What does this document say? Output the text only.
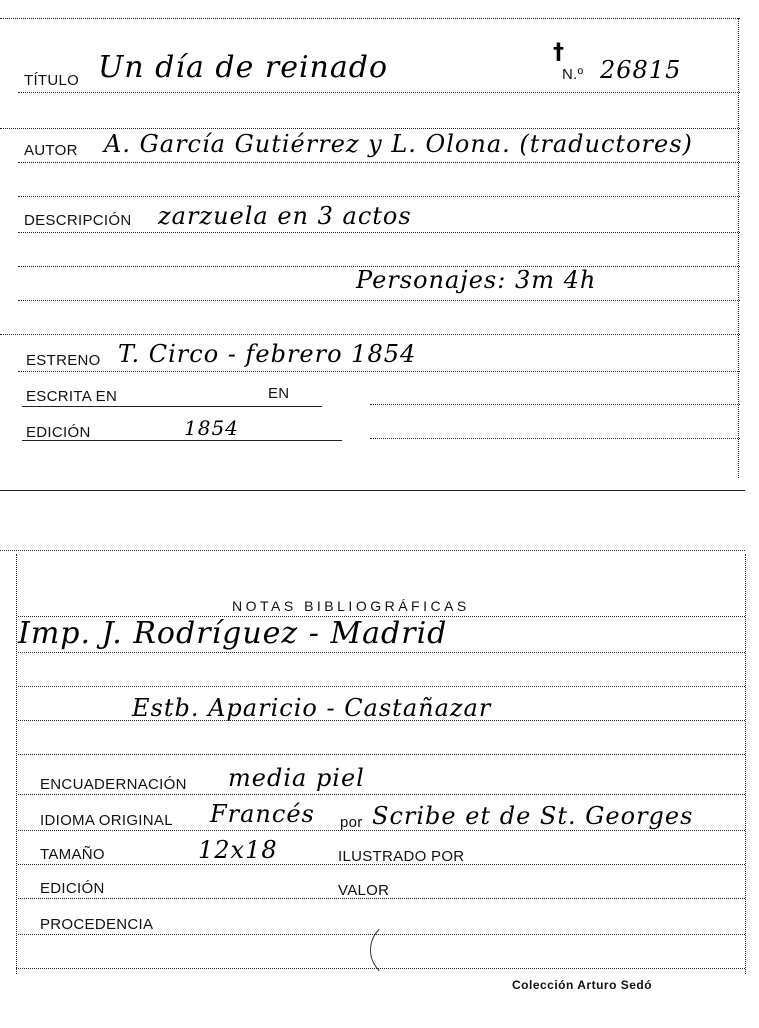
TÍTULO Un día de reinado	†
N.º 26815
AUTOR A. García Gutiérrez y L. Olona. (traductores)
DESCRIPCIÓN zarzuela en 3 actos
Personajes: 3m 4h
ESTRENO T. Circo - febrero 1854
ESCRITA EN	EN
EDICIÓN	1854
NOTAS BIBLIOGRÁFICAS
Imp. J. Rodríguez - Madrid
Estb. Aparicio - Castañazar
ENCUADERNACIÓN media piel
IDIOMA ORIGINAL Francés por Scribe et de St. Georges
TAMAÑO	12x18	ILUSTRADO POR
EDICIÓN	VALOR
PROCEDENCIA
Colección Arturo Sedó
